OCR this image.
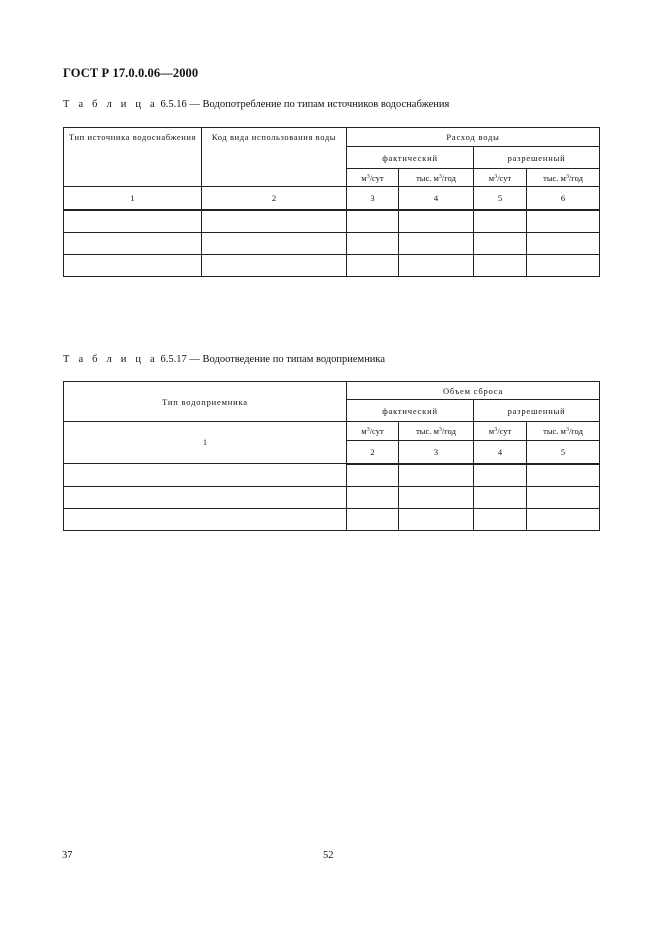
ГОСТ Р 17.0.0.06—2000
Т а б л и ц а 6.5.16 — Водопотребление по типам источников водоснабжения
Тип источника водоснабжения	Код вида использования воды	Расход воды			
		фактический		разрешенный	
		$м^3$/сут	тыс. $м^3$/год	$м^3$/сут	тыс. $м^3$/год
1	2	3	4	5	6

Т а б л и ц а 6.5.17 — Водоотведение по типам водоприемника
Тип водоприемника	Объем сброса			
	фактический		разрешенный	
1	$м^3$/сут	тыс. $м^3$/год	$м^3$/сут	тыс. $м^3$/год
	2	3	4	5

37	52
